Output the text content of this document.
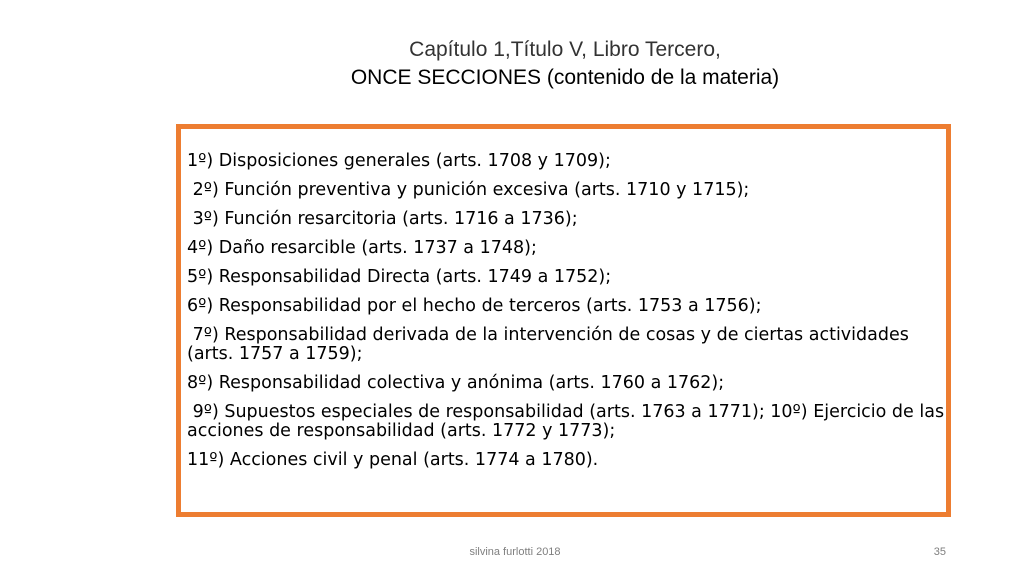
Capítulo 1,Título V, Libro Tercero,
ONCE SECCIONES (contenido de la materia)
1º) Disposiciones generales (arts. 1708 y 1709);
2º) Función preventiva y punición excesiva (arts. 1710 y 1715);
3º) Función resarcitoria (arts. 1716 a 1736);
4º) Daño resarcible (arts. 1737 a 1748);
5º) Responsabilidad Directa (arts. 1749 a 1752);
6º) Responsabilidad por el hecho de terceros (arts. 1753 a 1756);
7º) Responsabilidad derivada de la intervención de cosas y de ciertas actividades (arts. 1757 a 1759);
8º) Responsabilidad colectiva y anónima (arts. 1760 a 1762);
9º) Supuestos especiales de responsabilidad (arts. 1763 a 1771); 10º) Ejercicio de las acciones de responsabilidad (arts. 1772 y 1773);
11º) Acciones civil y penal (arts. 1774 a 1780).
silvina furlotti 2018	35
